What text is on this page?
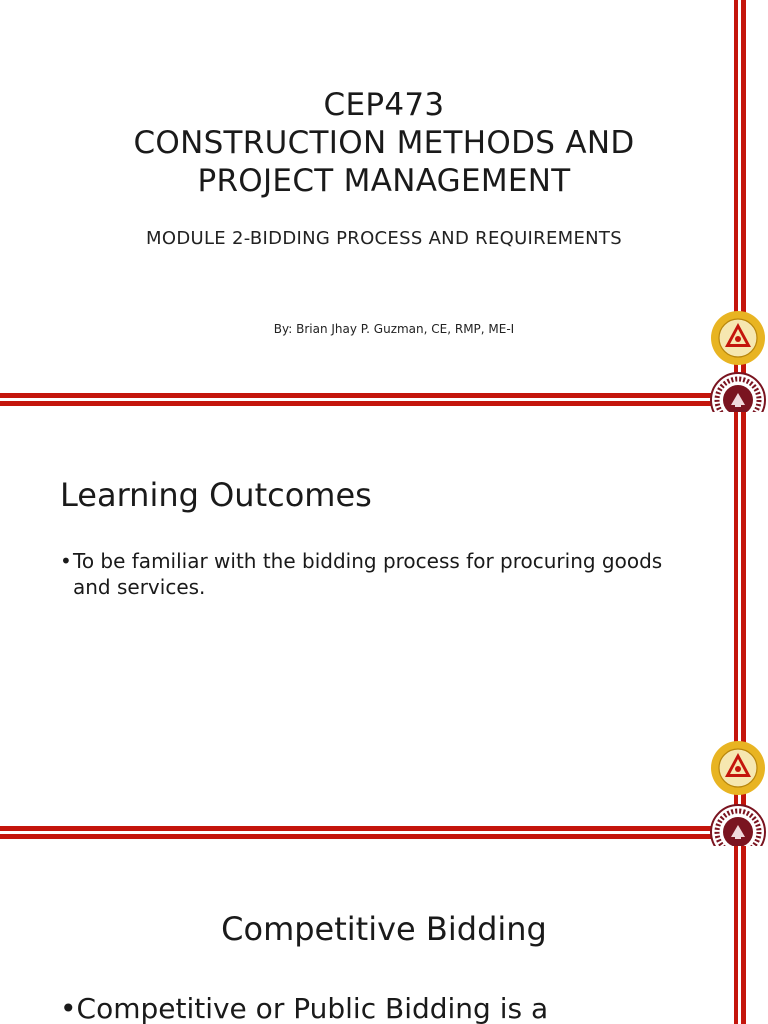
CEP473
CONSTRUCTION METHODS AND
PROJECT MANAGEMENT
MODULE 2-BIDDING PROCESS AND REQUIREMENTS
By: Brian Jhay P. Guzman, CE, RMP, ME-I
Learning Outcomes
• To be familiar with the bidding process for procuring goods and services.
Competitive Bidding
•Competitive or Public Bidding is a
